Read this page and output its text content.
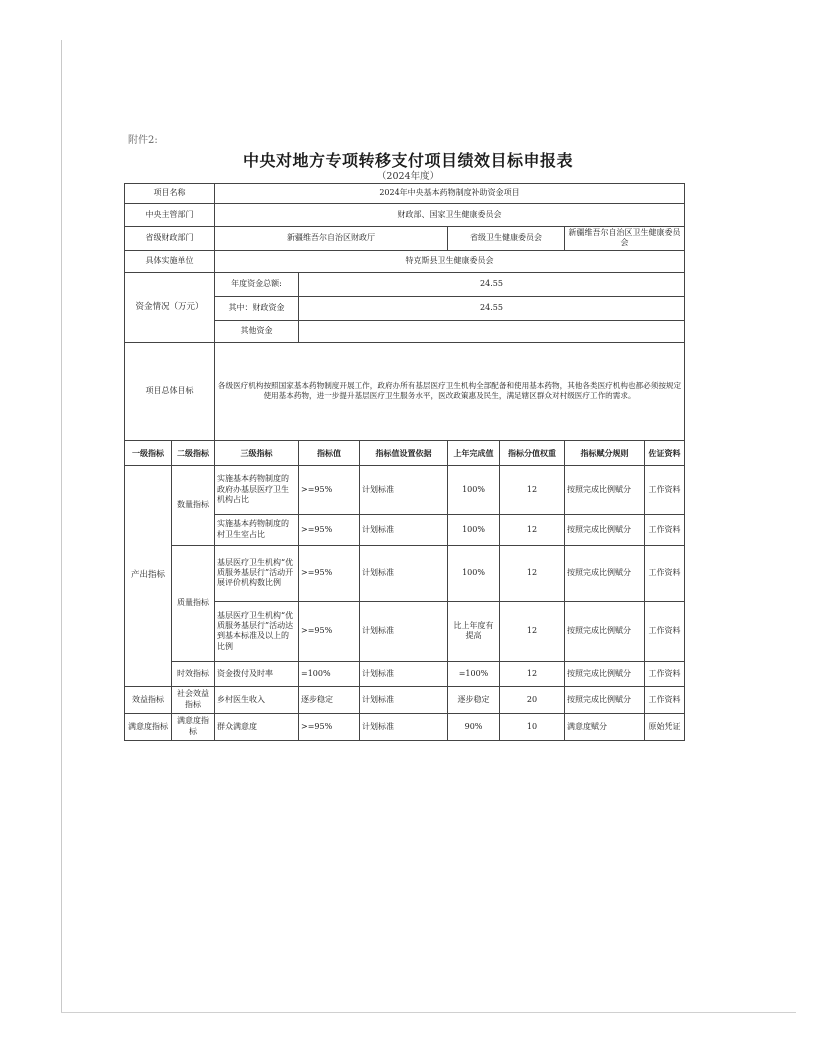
附件2:
中央对地方专项转移支付项目绩效目标申报表
（2024年度）
项目名称		2024年中央基本药物制度补助资金项目						
中央主管部门		财政部、国家卫生健康委员会						
省级财政部门		新疆维吾尔自治区财政厅			省级卫生健康委员会		新疆维吾尔自治区卫生健康委员会	
具体实施单位		特克斯县卫生健康委员会						
资金情况（万元）		年度资金总额:	24.55					
		其中：财政资金	24.55					
		其他资金						
项目总体目标		各级医疗机构按照国家基本药物制度开展工作，政府办所有基层医疗卫生机构全部配备和使用基本药物，其他各类医疗机构也都必须按规定使用基本药物，进一步提升基层医疗卫生服务水平，医改政策惠及民生，满足辖区群众对村级医疗工作的需求。						
一级指标	二级指标	三级指标	指标值	指标值设置依据	上年完成值	指标分值权重	指标赋分规则	佐证资料
产出指标	数量指标	实施基本药物制度的政府办基层医疗卫生机构占比	>=95%	计划标准	100%	12	按照完成比例赋分	工作资料
		实施基本药物制度的村卫生室占比	>=95%	计划标准	100%	12	按照完成比例赋分	工作资料
	质量指标	基层医疗卫生机构“优质服务基层行”活动开展评价机构数比例	>=95%	计划标准	100%	12	按照完成比例赋分	工作资料
		基层医疗卫生机构“优质服务基层行”活动达到基本标准及以上的比例	>=95%	计划标准	比上年度有提高	12	按照完成比例赋分	工作资料
	时效指标	资金拨付及时率	=100%	计划标准	=100%	12	按照完成比例赋分	工作资料
效益指标	社会效益指标	乡村医生收入	逐步稳定	计划标准	逐步稳定	20	按照完成比例赋分	工作资料
满意度指标	满意度指标	群众满意度	>=95%	计划标准	90%	10	满意度赋分	原始凭证
